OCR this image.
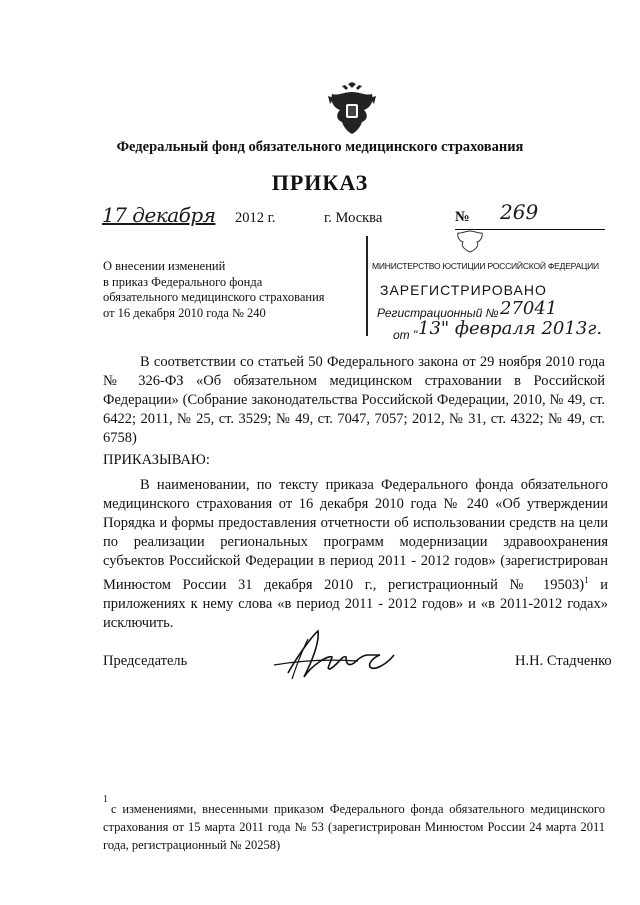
Федеральный фонд обязательного медицинского страхования
ПРИКАЗ
17 декабря 2012 г.	г. Москва	№ 269
О внесении изменений
в приказ Федерального фонда
обязательного медицинского страхования
от 16 декабря 2010 года № 240
МИНИСТЕРСТВО ЮСТИЦИИ РОССИЙСКОЙ ФЕДЕРАЦИИ
ЗАРЕГИСТРИРОВАНО
Регистрационный № 27041
от " 13" февраля 2013г.
В соответствии со статьей 50 Федерального закона от 29 ноября 2010 года № 326-ФЗ «Об обязательном медицинском страховании в Российской Федерации» (Собрание законодательства Российской Федерации, 2010, № 49, ст. 6422; 2011, № 25, ст. 3529; № 49, ст. 7047, 7057; 2012, № 31, ст. 4322; № 49, ст. 6758)
ПРИКАЗЫВАЮ:
В наименовании, по тексту приказа Федерального фонда обязательного медицинского страхования от 16 декабря 2010 года № 240 «Об утверждении Порядка и формы предоставления отчетности об использовании средств на цели по реализации региональных программ модернизации здравоохранения субъектов Российской Федерации в период 2011 - 2012 годов» (зарегистрирован Минюстом России 31 декабря 2010 г., регистрационный № 19503)$^1$ и приложениях к нему слова «в период 2011 - 2012 годов» и «в 2011-2012 годах» исключить.
Председатель	Н.Н. Стадченко
1
с изменениями, внесенными приказом Федерального фонда обязательного медицинского страхования от 15 марта 2011 года № 53 (зарегистрирован Минюстом России 24 марта 2011 года, регистрационный № 20258)
